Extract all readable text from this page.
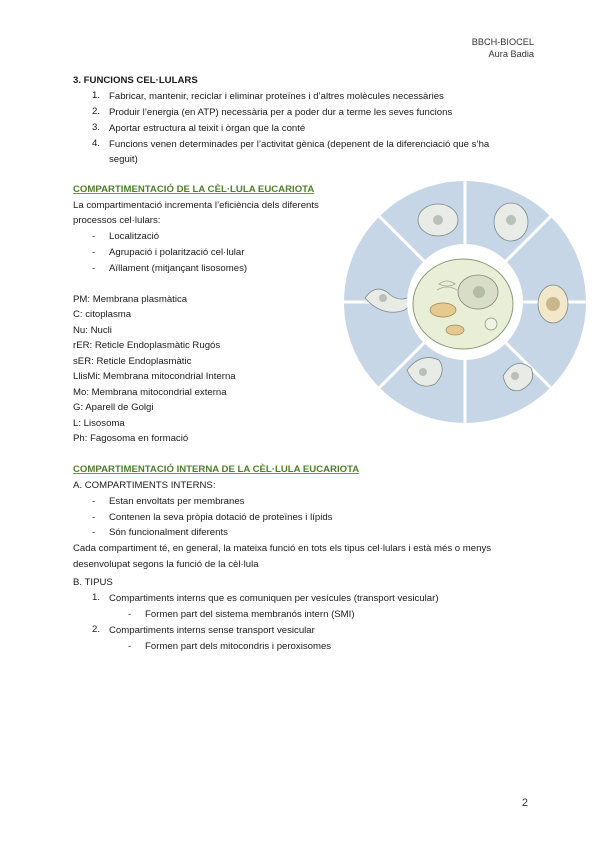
BBCH-BIOCEL
Aura Badia
3. FUNCIONS CEL·LULARS
1. Fabricar, mantenir, reciclar i eliminar proteïnes i d’altres molècules necessàries
2. Produir l’energia (en ATP) necessària per a poder dur a terme les seves funcions
3. Aportar estructura al teixit i òrgan que la conté
4. Funcions venen determinades per l’activitat gènica (depenent de la diferenciació que s’ha
seguit)
COMPARTIMENTACIÓ DE LA CÈL·LULA EUCARIOTA
La compartimentació incrementa l’eficiència dels diferents
processos cel·lulars:
- Localització
- Agrupació i polarització cel·lular
- Aïllament (mitjançant lisosomes)
PM: Membrana plasmàtica
C: citoplasma
Nu: Nucli
rER: Reticle Endoplasmàtic Rugós
sER: Reticle Endoplasmàtic
LlisMi: Membrana mitocondrial Interna
Mo: Membrana mitocondrial externa
G: Aparell de Golgi
L: Lisosoma
Ph: Fagosoma en formació
COMPARTIMENTACIÓ INTERNA DE LA CÈL·LULA EUCARIOTA
A. COMPARTIMENTS INTERNS:
- Estan envoltats per membranes
- Contenen la seva pròpia dotació de proteïnes i lípids
- Són funcionalment diferents
Cada compartiment té, en general, la mateixa funció en tots els tipus cel·lulars i està més o menys
desenvolupat segons la funció de la cèl·lula
B. TIPUS
1. Compartiments interns que es comuniquen per vesícules (transport vesicular)
- Formen part del sistema membranós intern (SMI)
2. Compartiments interns sense transport vesicular
- Formen part dels mitocondris i peroxisomes
2
